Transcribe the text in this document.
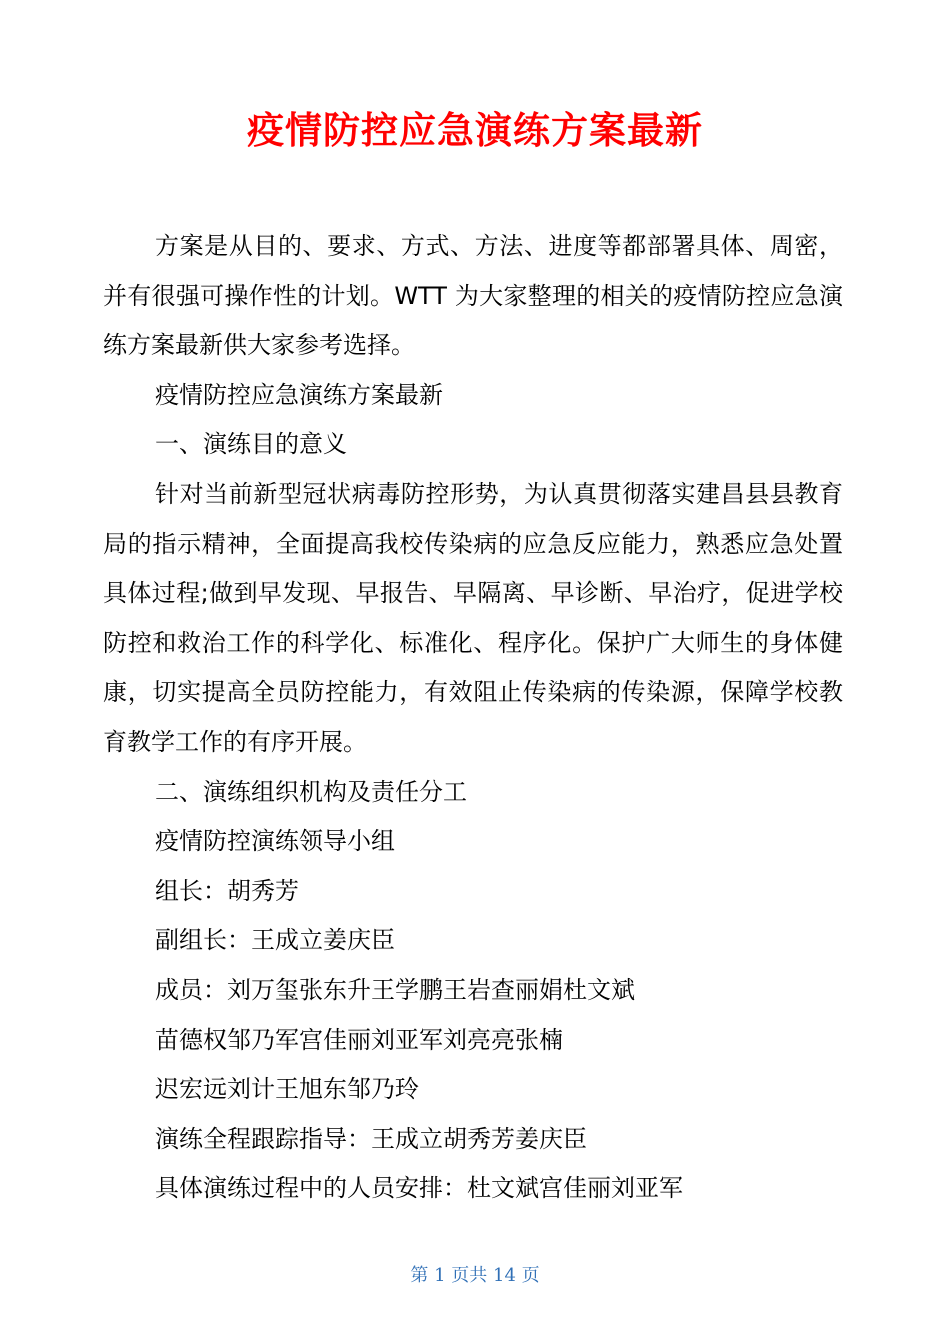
疫情防控应急演练方案最新

方案是从目的、要求、方式、方法、进度等都部署具体、周密，并有很强可操作性的计划。WTT 为大家整理的相关的疫情防控应急演练方案最新供大家参考选择。

疫情防控应急演练方案最新

一、演练目的意义

针对当前新型冠状病毒防控形势，为认真贯彻落实建昌县县教育局的指示精神，全面提高我校传染病的应急反应能力，熟悉应急处置具体过程;做到早发现、早报告、早隔离、早诊断、早治疗，促进学校防控和救治工作的科学化、标准化、程序化。保护广大师生的身体健康，切实提高全员防控能力，有效阻止传染病的传染源，保障学校教育教学工作的有序开展。

二、演练组织机构及责任分工

疫情防控演练领导小组

组长：胡秀芳

副组长：王成立姜庆臣

成员：刘万玺张东升王学鹏王岩查丽娟杜文斌

苗德权邹乃军宫佳丽刘亚军刘亮亮张楠

迟宏远刘计王旭东邹乃玲

演练全程跟踪指导：王成立胡秀芳姜庆臣

具体演练过程中的人员安排：杜文斌宫佳丽刘亚军

第 1 页共 14 页
